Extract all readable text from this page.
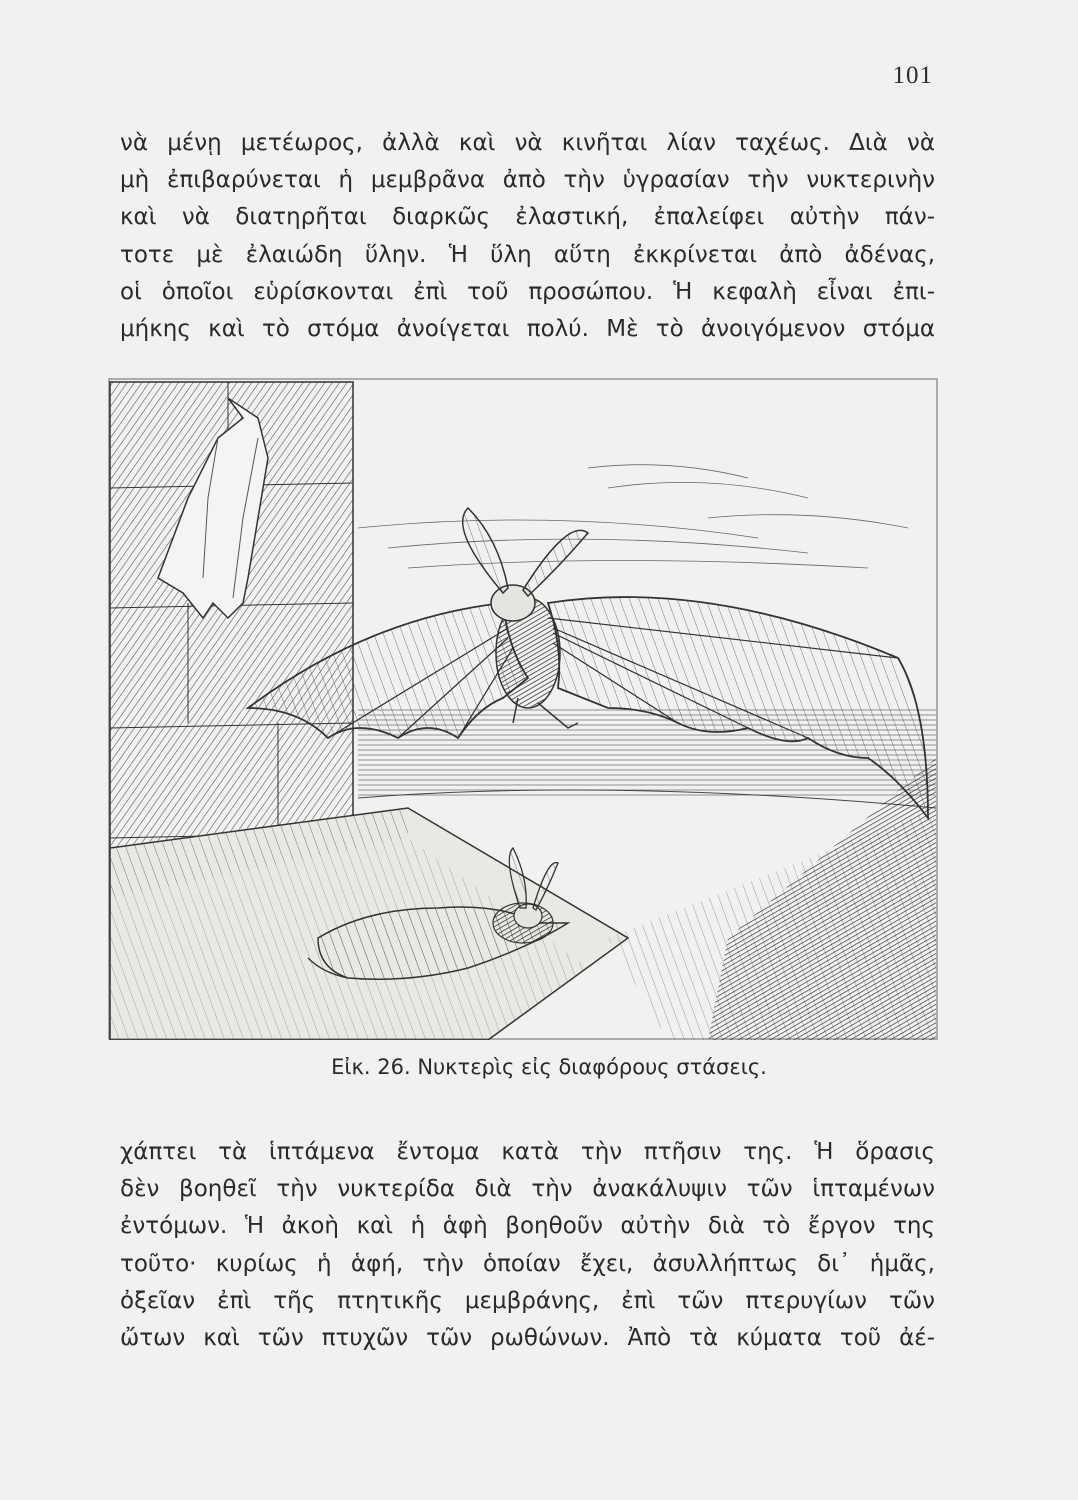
101
νὰ μένῃ μετέωρος, ἀλλὰ καὶ νὰ κινῆται λίαν ταχέως. Διὰ νὰ
μὴ ἐπιβαρύνεται ἡ μεμβρᾶνα ἀπὸ τὴν ὑγρασίαν τὴν νυκτερινὴν
καὶ νὰ διατηρῆται διαρκῶς ἐλαστική, ἐπαλείφει αὐτὴν πάν-
τοτε μὲ ἐλαιώδη ὕλην. Ἡ ὕλη αὕτη ἐκκρίνεται ἀπὸ ἀδένας,
οἱ ὁποῖοι εὑρίσκονται ἐπὶ τοῦ προσώπου. Ἡ κεφαλὴ εἶναι ἐπι-
μήκης καὶ τὸ στόμα ἀνοίγεται πολύ. Μὲ τὸ ἀνοιγόμενον στόμα
Εἰκ. 26. Νυκτερὶς εἰς διαφόρους στάσεις.
χάπτει τὰ ἱπτάμενα ἔντομα κατὰ τὴν πτῆσιν της. Ἡ ὅρασις
δὲν βοηθεῖ τὴν νυκτερίδα διὰ τὴν ἀνακάλυψιν τῶν ἱπταμένων
ἐντόμων. Ἡ ἀκοὴ καὶ ἡ ἁφὴ βοηθοῦν αὐτὴν διὰ τὸ ἔργον της
τοῦτο· κυρίως ἡ ἁφή, τὴν ὁποίαν ἔχει, ἀσυλλήπτως δι᾽ ἡμᾶς,
ὀξεῖαν ἐπὶ τῆς πτητικῆς μεμβράνης, ἐπὶ τῶν πτερυγίων τῶν
ὤτων καὶ τῶν πτυχῶν τῶν ρωθώνων. Ἀπὸ τὰ κύματα τοῦ ἀέ-
